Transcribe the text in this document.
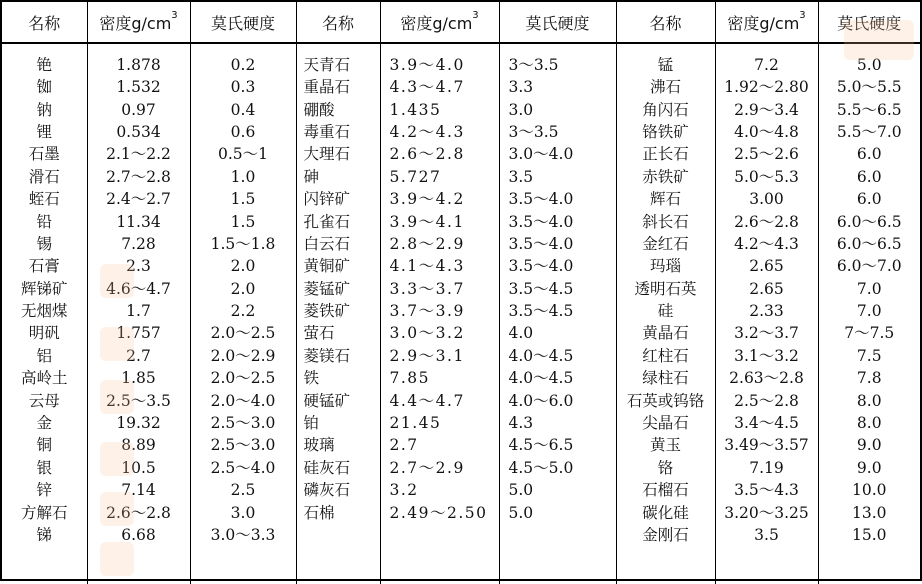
名称	密度$g/cm^3$	莫氏硬度	名称	密度$g/cm^3$	莫氏硬度	名称	密度$g/cm^3$	莫氏硬度
铯	1.878	0.2	天青石	3.9～4.0	3～3.5	锰	7.2	5.0
铷	1.532	0.3	重晶石	4.3～4.7	3.3	沸石	1.92～2.80	5.0～5.5
钠	0.97	0.4	硼酸	1.435	3.0	角闪石	2.9～3.4	5.5～6.5
锂	0.534	0.6	毒重石	4.2～4.3	3～3.5	铬铁矿	4.0～4.8	5.5～7.0
石墨	2.1～2.2	0.5～1	大理石	2.6～2.8	3.0～4.0	正长石	2.5～2.6	6.0
滑石	2.7～2.8	1.0	砷	5.727	3.5	赤铁矿	5.0～5.3	6.0
蛭石	2.4～2.7	1.5	闪锌矿	3.9～4.2	3.5～4.0	辉石	3.00	6.0
铅	11.34	1.5	孔雀石	3.9～4.1	3.5～4.0	斜长石	2.6～2.8	6.0～6.5
锡	7.28	1.5～1.8	白云石	2.8～2.9	3.5～4.0	金红石	4.2～4.3	6.0～6.5
石膏	2.3	2.0	黄铜矿	4.1～4.3	3.5～4.0	玛瑙	2.65	6.0～7.0
辉锑矿	4.6～4.7	2.0	菱锰矿	3.3～3.7	3.5～4.5	透明石英	2.65	7.0
无烟煤	1.7	2.2	菱铁矿	3.7～3.9	3.5～4.5	硅	2.33	7.0
明矾	1.757	2.0～2.5	萤石	3.0～3.2	4.0	黄晶石	3.2～3.7	7～7.5
铝	2.7	2.0～2.9	菱镁石	2.9～3.1	4.0～4.5	红柱石	3.1～3.2	7.5
高岭土	1.85	2.0～2.5	铁	7.85	4.0～4.5	绿柱石	2.63～2.8	7.8
云母	2.5～3.5	2.0～4.0	硬锰矿	4.4～4.7	4.0～6.0	石英或钨铬	2.5～2.8	8.0
金	19.32	2.5～3.0	铂	21.45	4.3	尖晶石	3.4～4.5	8.0
铜	8.89	2.5～3.0	玻璃	2.7	4.5～6.5	黄玉	3.49～3.57	9.0
银	10.5	2.5～4.0	硅灰石	2.7～2.9	4.5～5.0	铬	7.19	9.0
锌	7.14	2.5	磷灰石	3.2	5.0	石榴石	3.5～4.3	10.0
方解石	2.6～2.8	3.0	石棉	2.49～2.50	5.0	碳化硅	3.20～3.25	13.0
锑	6.68	3.0～3.3				金刚石	3.5	15.0
